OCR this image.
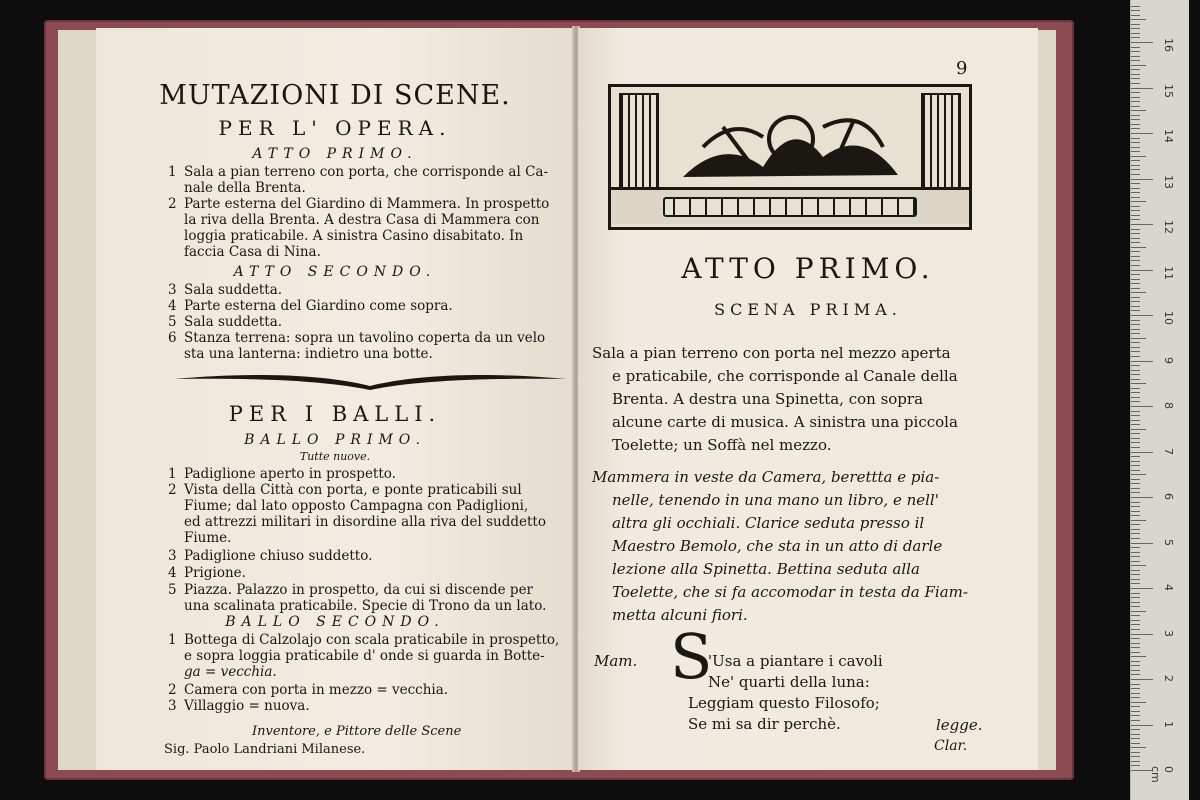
MUTAZIONI DI SCENE.
PER L' OPERA.
ATTO PRIMO.
1 Sala a pian terreno con porta, che corrisponde al Ca-
nale della Brenta.
2 Parte esterna del Giardino di Mammera. In prospetto
la riva della Brenta. A destra Casa di Mammera con
loggia praticabile. A sinistra Casino disabitato. In
faccia Casa di Nina.
ATTO SECONDO.
3 Sala suddetta.
4 Parte esterna del Giardino come sopra.
5 Sala suddetta.
6 Stanza terrena: sopra un tavolino coperta da un velo
sta una lanterna: indietro una botte.
PER I BALLI.
BALLO PRIMO.
Tutte nuove.
1 Padiglione aperto in prospetto.
2 Vista della Città con porta, e ponte praticabili sul
Fiume; dal lato opposto Campagna con Padiglioni,
ed attrezzi militari in disordine alla riva del suddetto
Fiume.
3 Padiglione chiuso suddetto.
4 Prigione.
5 Piazza. Palazzo in prospetto, da cui si discende per
una scalinata praticabile. Specie di Trono da un lato.
BALLO SECONDO.
1 Bottega di Calzolajo con scala praticabile in prospetto,
e sopra loggia praticabile d' onde si guarda in Botte-
ga = vecchia.
2 Camera con porta in mezzo = vecchia.
3 Villaggio = nuova.
Inventore, e Pittore delle Scene
Sig. Paolo Landriani Milanese.
9
ATTO PRIMO.
SCENA PRIMA.
Sala a pian terreno con porta nel mezzo aperta
e praticabile, che corrisponde al Canale della
Brenta. A destra una Spinetta, con sopra
alcune carte di musica. A sinistra una piccola
Toelette; un Soffà nel mezzo.
Mammera in veste da Camera, berettta e pia-
nelle, tenendo in una mano un libro, e nell'
altra gli occhiali. Clarice seduta presso il
Maestro Bemolo, che sta in un atto di darle
lezione alla Spinetta. Bettina seduta alla
Toelette, che si fa accomodar in testa da Fiam-
metta alcuni fiori.
Mam. S
'Usa a piantare i cavoli
Ne' quarti della luna:
Leggiam questo Filosofo;
Se mi sa dir perchè.	legge.
Clar.
0 cm
1
2
3
4
5
6
7
8
9
10
11
12
13
14
15
16
